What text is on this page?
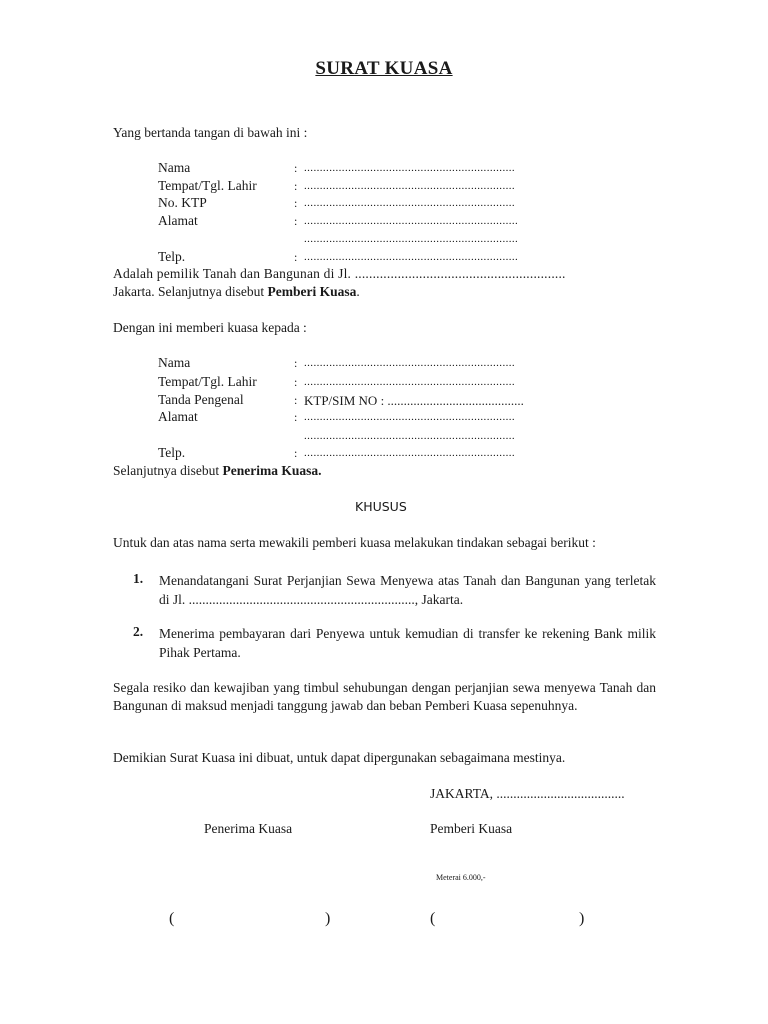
SURAT KUASA
Yang bertanda tangan di bawah ini :
Nama	: ...................................................................
Tempat/Tgl. Lahir	: ...................................................................
No. KTP	: ...................................................................
Alamat	: ....................................................................
....................................................................
Telp.	: ....................................................................
Adalah pemilik Tanah dan Bangunan di Jl. ...........................................................
Jakarta. Selanjutnya disebut Pemberi Kuasa.
Dengan ini memberi kuasa kepada :
Nama	: ...................................................................
Tempat/Tgl. Lahir	: ...................................................................
Tanda Pengenal	: KTP/SIM NO : ..........................................
Alamat	: ...................................................................
...................................................................
Telp.	: ...................................................................
Selanjutnya disebut Penerima Kuasa.
KHUSUS
Untuk dan atas nama serta mewakili pemberi kuasa melakukan tindakan sebagai berikut :
1. Menandatangani Surat Perjanjian Sewa Menyewa atas Tanah dan Bangunan yang terletak di Jl. ..................................................................., Jakarta.
2. Menerima pembayaran dari Penyewa untuk kemudian di transfer ke rekening Bank milik Pihak Pertama.
Segala resiko dan kewajiban yang timbul sehubungan dengan perjanjian sewa menyewa Tanah dan Bangunan di maksud menjadi tanggung jawab dan beban Pemberi Kuasa sepenuhnya.
Demikian Surat Kuasa ini dibuat, untuk dapat dipergunakan sebagaimana mestinya.
JAKARTA, ......................................
Penerima Kuasa	Pemberi Kuasa
Meterai 6.000,-
(	)	(	)
